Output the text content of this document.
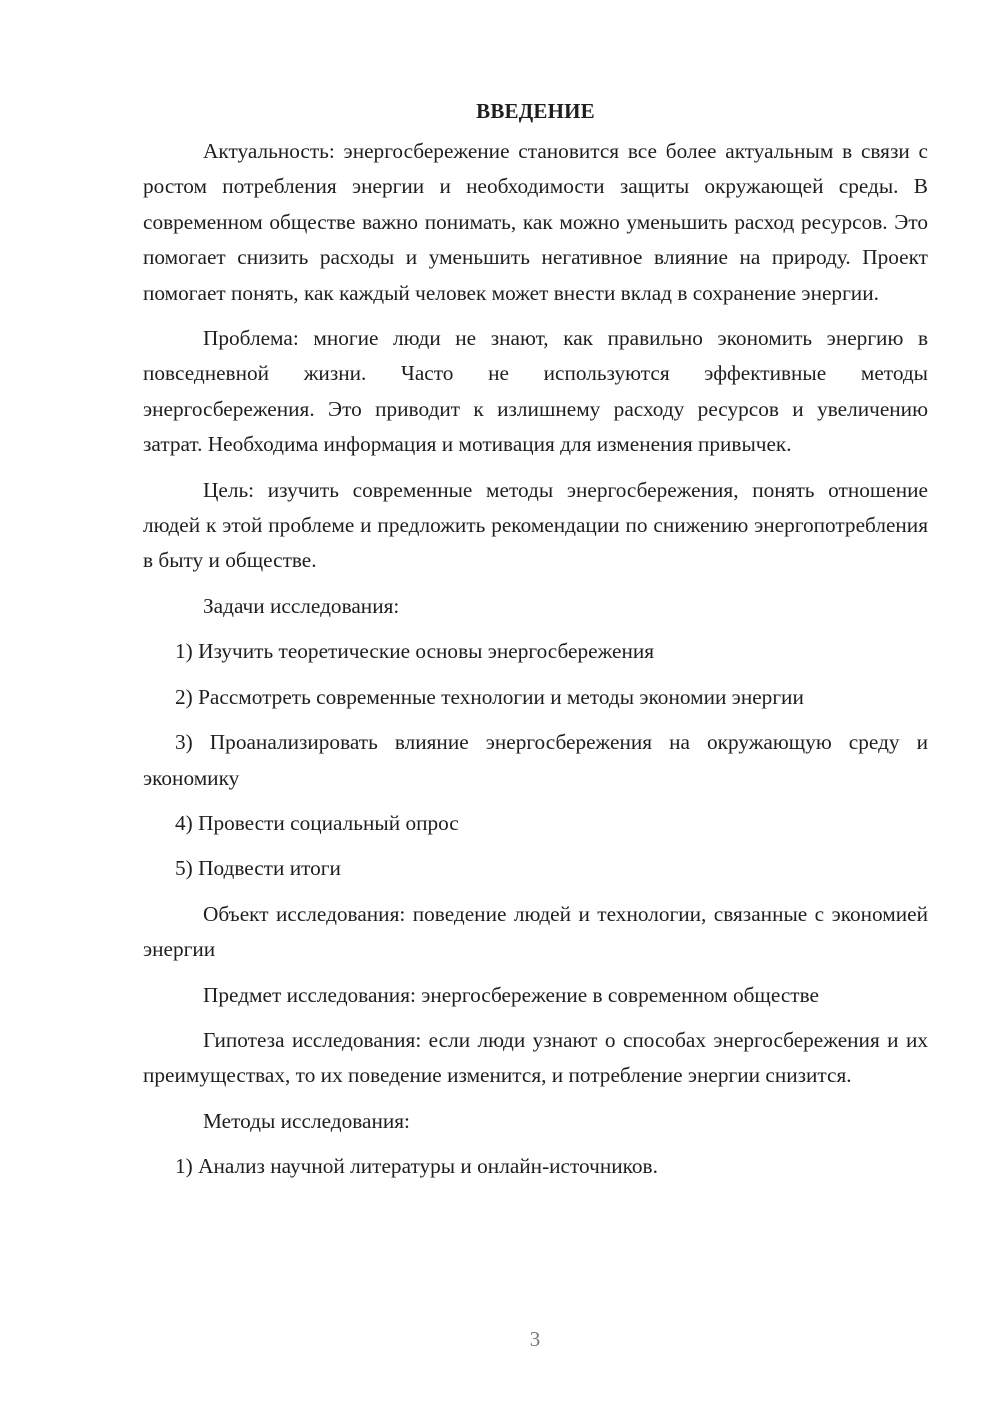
ВВЕДЕНИЕ

Актуальность: энергосбережение становится все более актуальным в связи с ростом потребления энергии и необходимости защиты окружающей среды. В современном обществе важно понимать, как можно уменьшить расход ресурсов. Это помогает снизить расходы и уменьшить негативное влияние на природу. Проект помогает понять, как каждый человек может внести вклад в сохранение энергии.

Проблема: многие люди не знают, как правильно экономить энергию в повседневной жизни. Часто не используются эффективные методы энергосбережения. Это приводит к излишнему расходу ресурсов и увеличению затрат. Необходима информация и мотивация для изменения привычек.

Цель: изучить современные методы энергосбережения, понять отношение людей к этой проблеме и предложить рекомендации по снижению энергопотребления в быту и обществе.

Задачи исследования:

1) Изучить теоретические основы энергосбережения

2) Рассмотреть современные технологии и методы экономии энергии

3) Проанализировать влияние энергосбережения на окружающую среду и экономику

4) Провести социальный опрос

5) Подвести итоги

Объект исследования: поведение людей и технологии, связанные с экономией энергии

Предмет исследования: энергосбережение в современном обществе

Гипотеза исследования: если люди узнают о способах энергосбережения и их преимуществах, то их поведение изменится, и потребление энергии снизится.

Методы исследования:

1) Анализ научной литературы и онлайн-источников.

3
